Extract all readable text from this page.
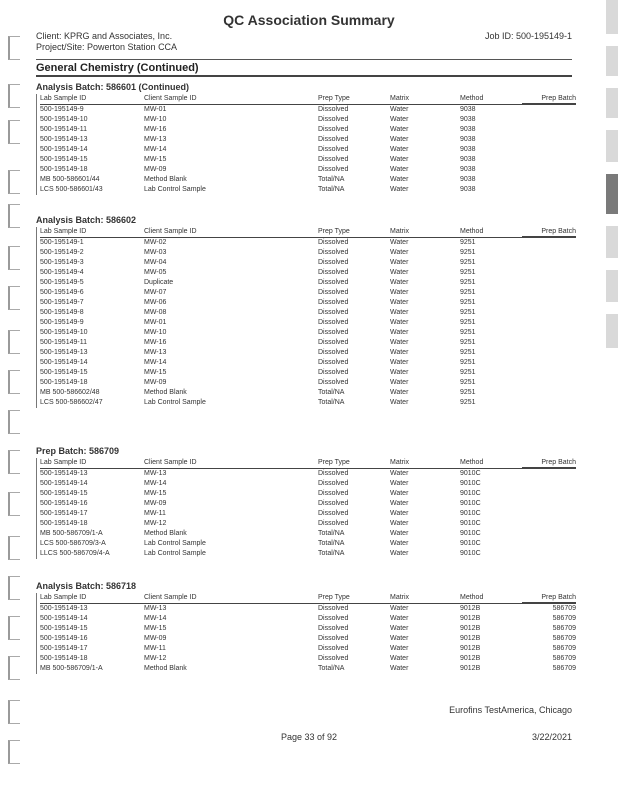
QC Association Summary
Client: KPRG and Associates, Inc.
Project/Site: Powerton Station CCA
Job ID: 500-195149-1
General Chemistry (Continued)
Analysis Batch: 586601 (Continued)
Lab Sample ID	Client Sample ID	Prep Type	Matrix	Method	Prep Batch
500-195149-9	MW-01	Dissolved	Water	9038
500-195149-10	MW-10	Dissolved	Water	9038
500-195149-11	MW-16	Dissolved	Water	9038
500-195149-13	MW-13	Dissolved	Water	9038
500-195149-14	MW-14	Dissolved	Water	9038
500-195149-15	MW-15	Dissolved	Water	9038
500-195149-18	MW-09	Dissolved	Water	9038
MB 500-586601/44	Method Blank	Total/NA	Water	9038
LCS 500-586601/43	Lab Control Sample	Total/NA	Water	9038
Analysis Batch: 586602
Lab Sample ID	Client Sample ID	Prep Type	Matrix	Method	Prep Batch
500-195149-1	MW-02	Dissolved	Water	9251
500-195149-2	MW-03	Dissolved	Water	9251
500-195149-3	MW-04	Dissolved	Water	9251
500-195149-4	MW-05	Dissolved	Water	9251
500-195149-5	Duplicate	Dissolved	Water	9251
500-195149-6	MW-07	Dissolved	Water	9251
500-195149-7	MW-06	Dissolved	Water	9251
500-195149-8	MW-08	Dissolved	Water	9251
500-195149-9	MW-01	Dissolved	Water	9251
500-195149-10	MW-10	Dissolved	Water	9251
500-195149-11	MW-16	Dissolved	Water	9251
500-195149-13	MW-13	Dissolved	Water	9251
500-195149-14	MW-14	Dissolved	Water	9251
500-195149-15	MW-15	Dissolved	Water	9251
500-195149-18	MW-09	Dissolved	Water	9251
MB 500-586602/48	Method Blank	Total/NA	Water	9251
LCS 500-586602/47	Lab Control Sample	Total/NA	Water	9251
Prep Batch: 586709
Lab Sample ID	Client Sample ID	Prep Type	Matrix	Method	Prep Batch
500-195149-13	MW-13	Dissolved	Water	9010C
500-195149-14	MW-14	Dissolved	Water	9010C
500-195149-15	MW-15	Dissolved	Water	9010C
500-195149-16	MW-09	Dissolved	Water	9010C
500-195149-17	MW-11	Dissolved	Water	9010C
500-195149-18	MW-12	Dissolved	Water	9010C
MB 500-586709/1-A	Method Blank	Total/NA	Water	9010C
LCS 500-586709/3-A	Lab Control Sample	Total/NA	Water	9010C
LLCS 500-586709/4-A	Lab Control Sample	Total/NA	Water	9010C
Analysis Batch: 586718
Lab Sample ID	Client Sample ID	Prep Type	Matrix	Method	Prep Batch
500-195149-13	MW-13	Dissolved	Water	9012B	586709
500-195149-14	MW-14	Dissolved	Water	9012B	586709
500-195149-15	MW-15	Dissolved	Water	9012B	586709
500-195149-16	MW-09	Dissolved	Water	9012B	586709
500-195149-17	MW-11	Dissolved	Water	9012B	586709
500-195149-18	MW-12	Dissolved	Water	9012B	586709
MB 500-586709/1-A	Method Blank	Total/NA	Water	9012B	586709
Eurofins TestAmerica, Chicago
Page 33 of 92	3/22/2021
